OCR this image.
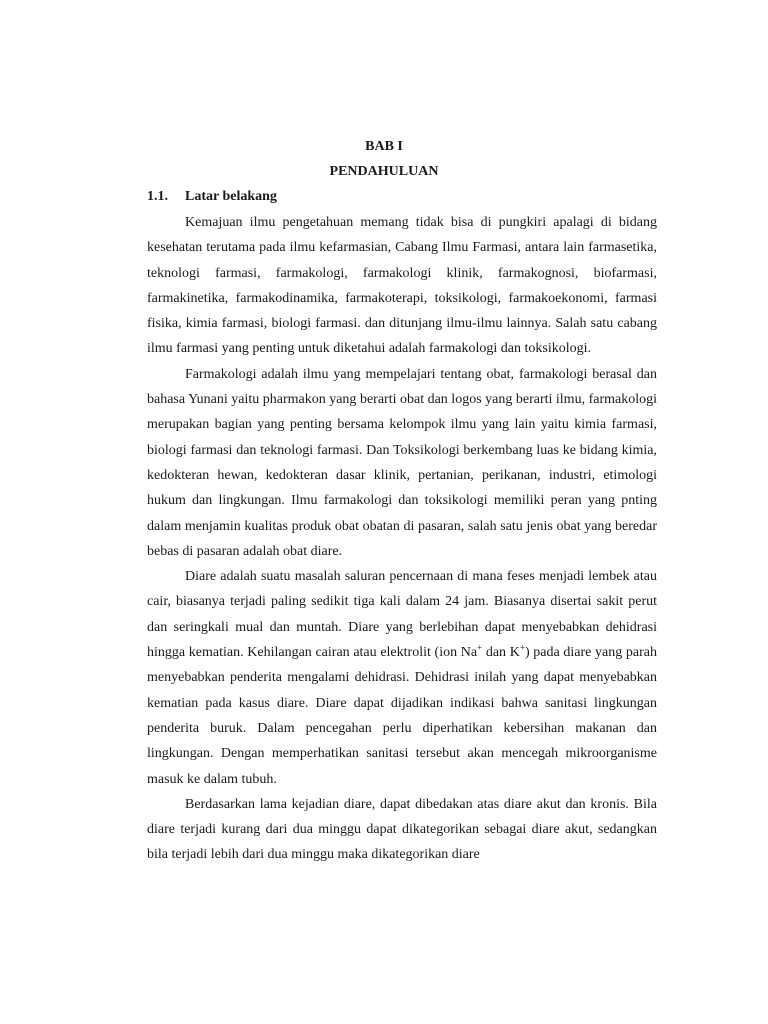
BAB I
PENDAHULUAN
1.1. Latar belakang

Kemajuan ilmu pengetahuan memang tidak bisa di pungkiri apalagi di bidang kesehatan terutama pada ilmu kefarmasian, Cabang Ilmu Farmasi, antara lain farmasetika, teknologi farmasi, farmakologi, farmakologi klinik, farmakognosi, biofarmasi, farmakinetika, farmakodinamika, farmakoterapi, toksikologi, farmakoekonomi, farmasi fisika, kimia farmasi, biologi farmasi. dan ditunjang ilmu-ilmu lainnya. Salah satu cabang ilmu farmasi yang penting untuk diketahui adalah farmakologi dan toksikologi.

Farmakologi adalah ilmu yang mempelajari tentang obat, farmakologi berasal dan bahasa Yunani yaitu pharmakon yang berarti obat dan logos yang berarti ilmu, farmakologi merupakan bagian yang penting bersama kelompok ilmu yang lain yaitu kimia farmasi, biologi farmasi dan teknologi farmasi. Dan Toksikologi berkembang luas ke bidang kimia, kedokteran hewan, kedokteran dasar klinik, pertanian, perikanan, industri, etimologi hukum dan lingkungan. Ilmu farmakologi dan toksikologi memiliki peran yang pnting dalam menjamin kualitas produk obat obatan di pasaran, salah satu jenis obat yang beredar bebas di pasaran adalah obat diare.

Diare adalah suatu masalah saluran pencernaan di mana feses menjadi lembek atau cair, biasanya terjadi paling sedikit tiga kali dalam 24 jam. Biasanya disertai sakit perut dan seringkali mual dan muntah. Diare yang berlebihan dapat menyebabkan dehidrasi hingga kematian. Kehilangan cairan atau elektrolit (ion Na+ dan K+) pada diare yang parah menyebabkan penderita mengalami dehidrasi. Dehidrasi inilah yang dapat menyebabkan kematian pada kasus diare. Diare dapat dijadikan indikasi bahwa sanitasi lingkungan penderita buruk. Dalam pencegahan perlu diperhatikan kebersihan makanan dan lingkungan. Dengan memperhatikan sanitasi tersebut akan mencegah mikroorganisme masuk ke dalam tubuh.

Berdasarkan lama kejadian diare, dapat dibedakan atas diare akut dan kronis. Bila diare terjadi kurang dari dua minggu dapat dikategorikan sebagai diare akut, sedangkan bila terjadi lebih dari dua minggu maka dikategorikan diare
